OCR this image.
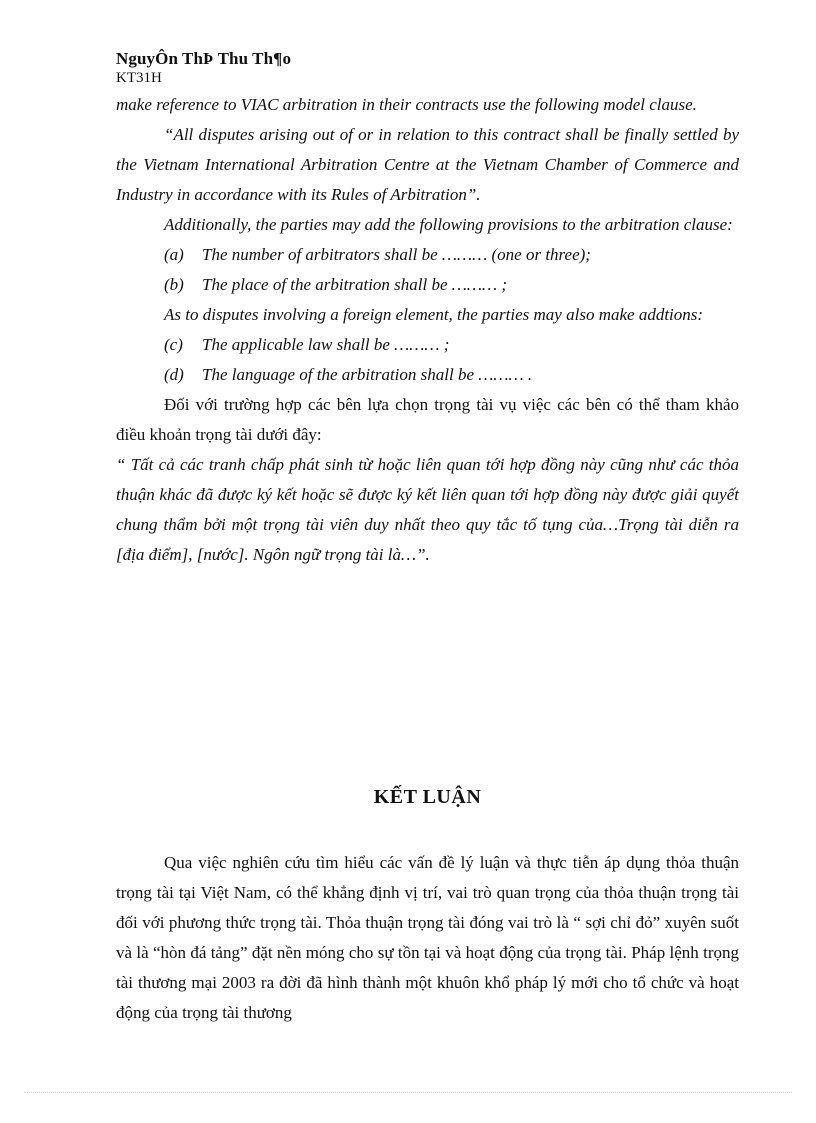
NguyÔn ThÞ Thu Th¶o
KT31H

make reference to VIAC arbitration in their contracts use the following model clause.

“All disputes arising out of or in relation to this contract shall be finally settled by the Vietnam International Arbitration Centre at the Vietnam Chamber of Commerce and Industry in accordance with its Rules of Arbitration”.

Additionally, the parties may add the following provisions to the arbitration clause:

(a) The number of arbitrators shall be ……… (one or three);
(b) The place of the arbitration shall be ……… ;

As to disputes involving a foreign element, the parties may also make addtions:

(c) The applicable law shall be ……… ;
(d) The language of the arbitration shall be ……… .

Đối với trường hợp các bên lựa chọn trọng tài vụ việc các bên có thể tham khảo điều khoản trọng tài dưới đây:

“ Tất cả các tranh chấp phát sinh từ hoặc liên quan tới hợp đồng này cũng như các thỏa thuận khác đã được ký kết hoặc sẽ được ký kết liên quan tới hợp đồng này được giải quyết chung thẩm bởi một trọng tài viên duy nhất theo quy tắc tố tụng của…Trọng tài diễn ra [địa điểm], [nước]. Ngôn ngữ trọng tài là…”.

KẾT LUẬN

Qua việc nghiên cứu tìm hiểu các vấn đề lý luận và thực tiễn áp dụng thỏa thuận trọng tài tại Việt Nam, có thể khẳng định vị trí, vai trò quan trọng của thỏa thuận trọng tài đối với phương thức trọng tài. Thỏa thuận trọng tài đóng vai trò là “ sợi chỉ đỏ” xuyên suốt và là “hòn đá tảng” đặt nền móng cho sự tồn tại và hoạt động của trọng tài. Pháp lệnh trọng tài thương mại 2003 ra đời đã hình thành một khuôn khổ pháp lý mới cho tổ chức và hoạt động của trọng tài thương
